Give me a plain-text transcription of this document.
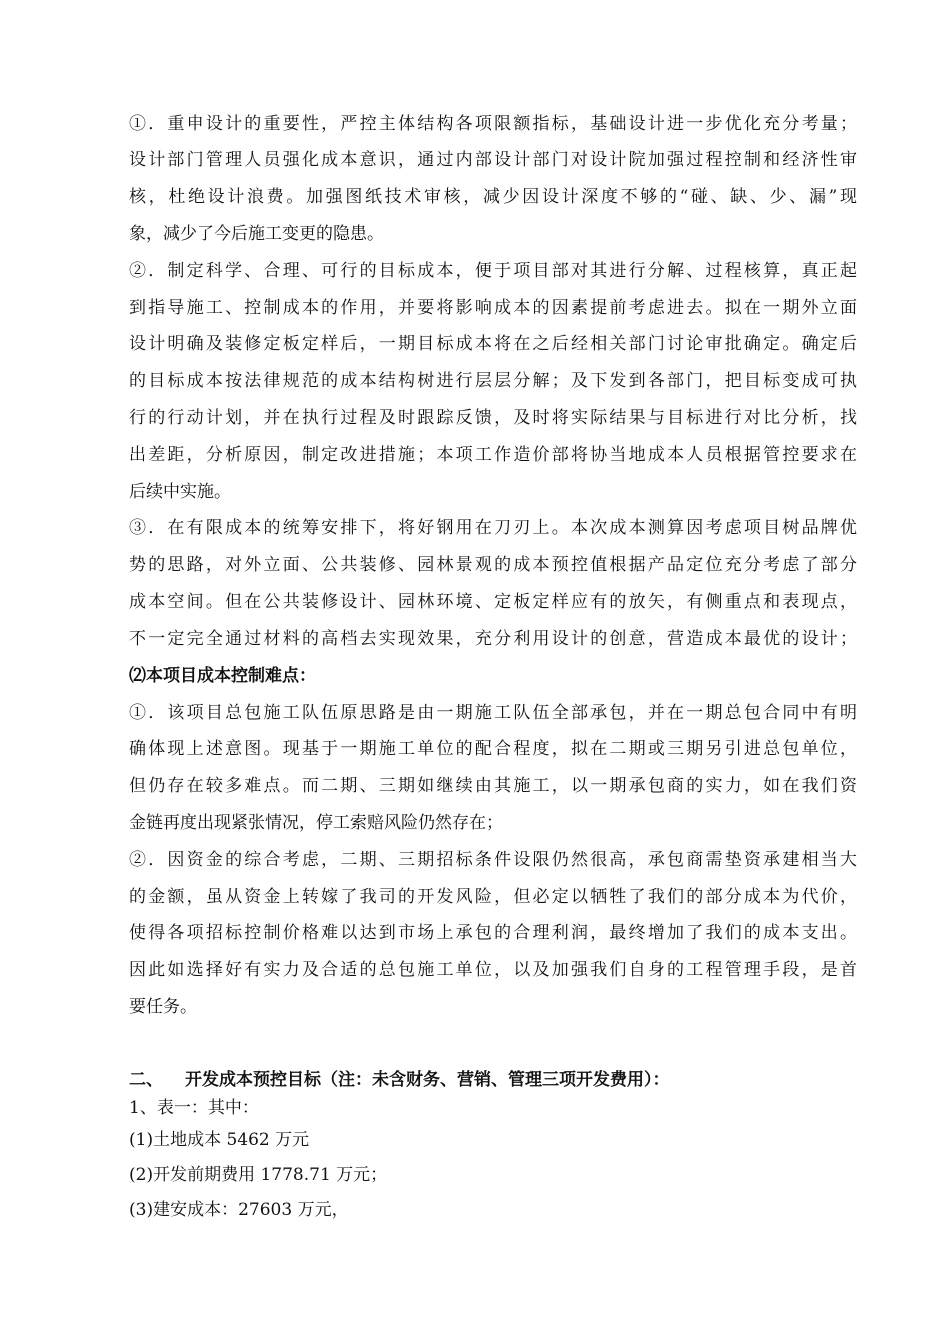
①．重申设计的重要性，严控主体结构各项限额指标，基础设计进一步优化充分考量；
设计部门管理人员强化成本意识，通过内部设计部门对设计院加强过程控制和经济性审
核，杜绝设计浪费。加强图纸技术审核，减少因设计深度不够的“碰、缺、少、漏”现
象，减少了今后施工变更的隐患。
②．制定科学、合理、可行的目标成本，便于项目部对其进行分解、过程核算，真正起
到指导施工、控制成本的作用，并要将影响成本的因素提前考虑进去。拟在一期外立面
设计明确及装修定板定样后，一期目标成本将在之后经相关部门讨论审批确定。确定后
的目标成本按法律规范的成本结构树进行层层分解；及下发到各部门，把目标变成可执
行的行动计划，并在执行过程及时跟踪反馈，及时将实际结果与目标进行对比分析，找
出差距，分析原因，制定改进措施；本项工作造价部将协当地成本人员根据管控要求在
后续中实施。
③．在有限成本的统筹安排下，将好钢用在刀刃上。本次成本测算因考虑项目树品牌优
势的思路，对外立面、公共装修、园林景观的成本预控值根据产品定位充分考虑了部分
成本空间。但在公共装修设计、园林环境、定板定样应有的放矢，有侧重点和表现点，
不一定完全通过材料的高档去实现效果，充分利用设计的创意，营造成本最优的设计；
⑵本项目成本控制难点：
①．该项目总包施工队伍原思路是由一期施工队伍全部承包，并在一期总包合同中有明
确体现上述意图。现基于一期施工单位的配合程度，拟在二期或三期另引进总包单位，
但仍存在较多难点。而二期、三期如继续由其施工，以一期承包商的实力，如在我们资
金链再度出现紧张情况，停工索赔风险仍然存在；
②．因资金的综合考虑，二期、三期招标条件设限仍然很高，承包商需垫资承建相当大
的金额，虽从资金上转嫁了我司的开发风险，但必定以牺牲了我们的部分成本为代价，
使得各项招标控制价格难以达到市场上承包的合理利润，最终增加了我们的成本支出。
因此如选择好有实力及合适的总包施工单位，以及加强我们自身的工程管理手段，是首
要任务。
二、 开发成本预控目标（注：未含财务、营销、管理三项开发费用）：
1、表一：其中：
(1)土地成本 5462 万元
(2)开发前期费用 1778.71 万元；
(3)建安成本：27603 万元，
